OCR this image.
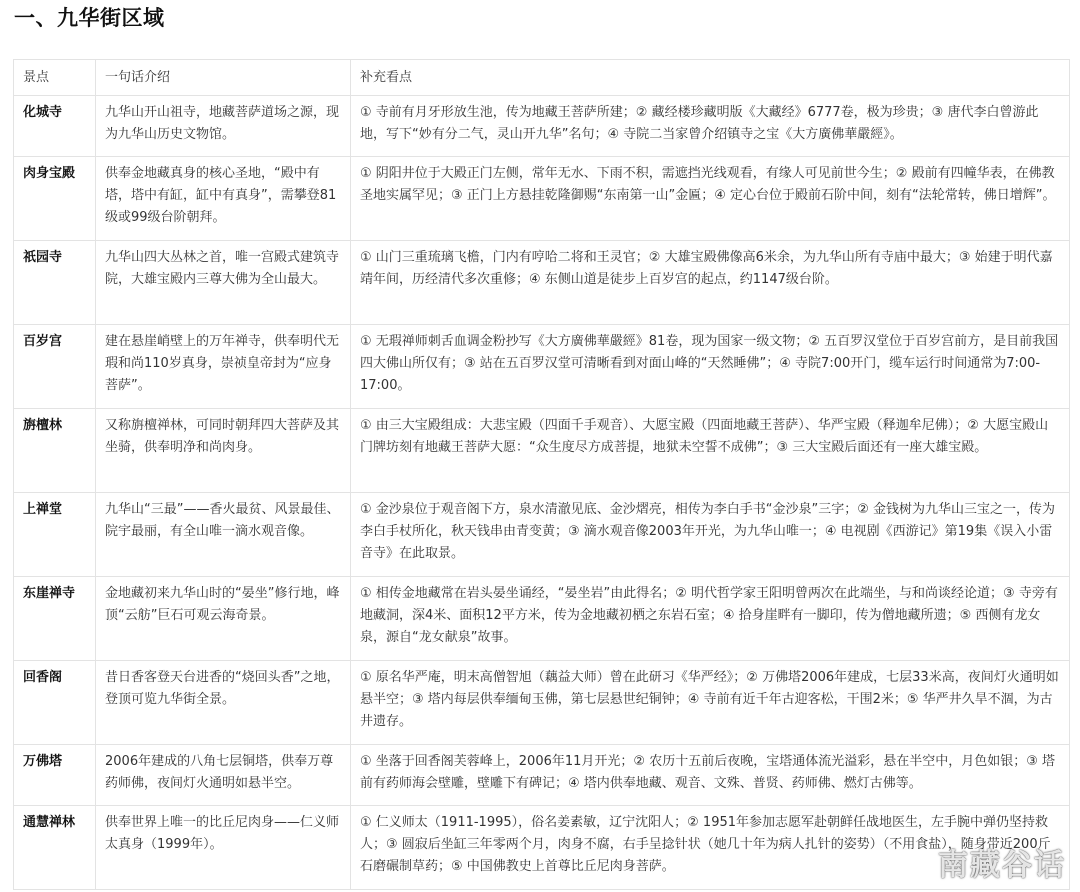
一、九华街区域
景点	一句话介绍	补充看点
化城寺	九华山开山祖寺，地藏菩萨道场之源，现为九华山历史文物馆。	① 寺前有月牙形放生池，传为地藏王菩萨所建；② 藏经楼珍藏明版《大藏经》6777卷，极为珍贵；③ 唐代李白曾游此地，写下“妙有分二气，灵山开九华”名句；④ 寺院二当家曾介绍镇寺之宝《大方廣佛華嚴經》。
肉身宝殿	供奉金地藏真身的核心圣地，“殿中有塔，塔中有缸，缸中有真身”，需攀登81级或99级台阶朝拜。	① 阴阳井位于大殿正门左侧，常年无水、下雨不积，需遮挡光线观看，有缘人可见前世今生；② 殿前有四幢华表，在佛教圣地实属罕见；③ 正门上方悬挂乾隆御赐“东南第一山”金匾；④ 定心台位于殿前石阶中间，刻有“法轮常转，佛日增辉”。
祇园寺	九华山四大丛林之首，唯一宫殿式建筑寺院，大雄宝殿内三尊大佛为全山最大。	① 山门三重琉璃飞檐，门内有哼哈二将和王灵官；② 大雄宝殿佛像高6米余，为九华山所有寺庙中最大；③ 始建于明代嘉靖年间，历经清代多次重修；④ 东侧山道是徒步上百岁宫的起点，约1147级台阶。
百岁宫	建在悬崖峭壁上的万年禅寺，供奉明代无瑕和尚110岁真身，崇祯皇帝封为“应身菩萨”。	① 无瑕禅师刺舌血调金粉抄写《大方廣佛華嚴經》81卷，现为国家一级文物；② 五百罗汉堂位于百岁宫前方，是目前我国四大佛山所仅有；③ 站在五百罗汉堂可清晰看到对面山峰的“天然睡佛”；④ 寺院7:00开门，缆车运行时间通常为7:00-17:00。
旃檀林	又称旃檀禅林，可同时朝拜四大菩萨及其坐骑，供奉明净和尚肉身。	① 由三大宝殿组成：大悲宝殿（四面千手观音）、大愿宝殿（四面地藏王菩萨）、华严宝殿（释迦牟尼佛）；② 大愿宝殿山门牌坊刻有地藏王菩萨大愿：“众生度尽方成菩提，地狱未空誓不成佛”；③ 三大宝殿后面还有一座大雄宝殿。
上禅堂	九华山“三最”——香火最贫、风景最佳、院宇最丽，有全山唯一滴水观音像。	① 金沙泉位于观音阁下方，泉水清澈见底、金沙熠亮，相传为李白手书“金沙泉”三字；② 金钱树为九华山三宝之一，传为李白手杖所化，秋天钱串由青变黄；③ 滴水观音像2003年开光，为九华山唯一；④ 电视剧《西游记》第19集《误入小雷音寺》在此取景。
东崖禅寺	金地藏初来九华山时的“晏坐”修行地，峰顶“云舫”巨石可观云海奇景。	① 相传金地藏常在岩头晏坐诵经，“晏坐岩”由此得名；② 明代哲学家王阳明曾两次在此端坐，与和尚谈经论道；③ 寺旁有地藏洞，深4米、面积12平方米，传为金地藏初栖之东岩石室；④ 拾身崖畔有一脚印，传为僧地藏所遗；⑤ 西侧有龙女泉，源自“龙女献泉”故事。
回香阁	昔日香客登天台进香的“烧回头香”之地，登顶可览九华街全景。	① 原名华严庵，明末高僧智旭（藕益大师）曾在此研习《华严经》；② 万佛塔2006年建成，七层33米高，夜间灯火通明如悬半空；③ 塔内每层供奉缅甸玉佛，第七层悬世纪铜钟；④ 寺前有近千年古迎客松，干围2米；⑤ 华严井久旱不涸，为古井遗存。
万佛塔	2006年建成的八角七层铜塔，供奉万尊药师佛，夜间灯火通明如悬半空。	① 坐落于回香阁芙蓉峰上，2006年11月开光；② 农历十五前后夜晚，宝塔通体流光溢彩，悬在半空中，月色如银；③ 塔前有药师海会壁雕，壁雕下有碑记；④ 塔内供奉地藏、观音、文殊、普贤、药师佛、燃灯古佛等。
通慧禅林	供奉世界上唯一的比丘尼肉身——仁义师太真身（1999年）。	① 仁义师太（1911-1995），俗名姜素敏，辽宁沈阳人；② 1951年参加志愿军赴朝鲜任战地医生，左手腕中弹仍坚持救人；③ 圆寂后坐缸三年零两个月，肉身不腐，右手呈捻针状（她几十年为病人扎针的姿势）（不用食盐），随身带近200斤石磨碾制草药；⑤ 中国佛教史上首尊比丘尼肉身菩萨。	南藏谷话
